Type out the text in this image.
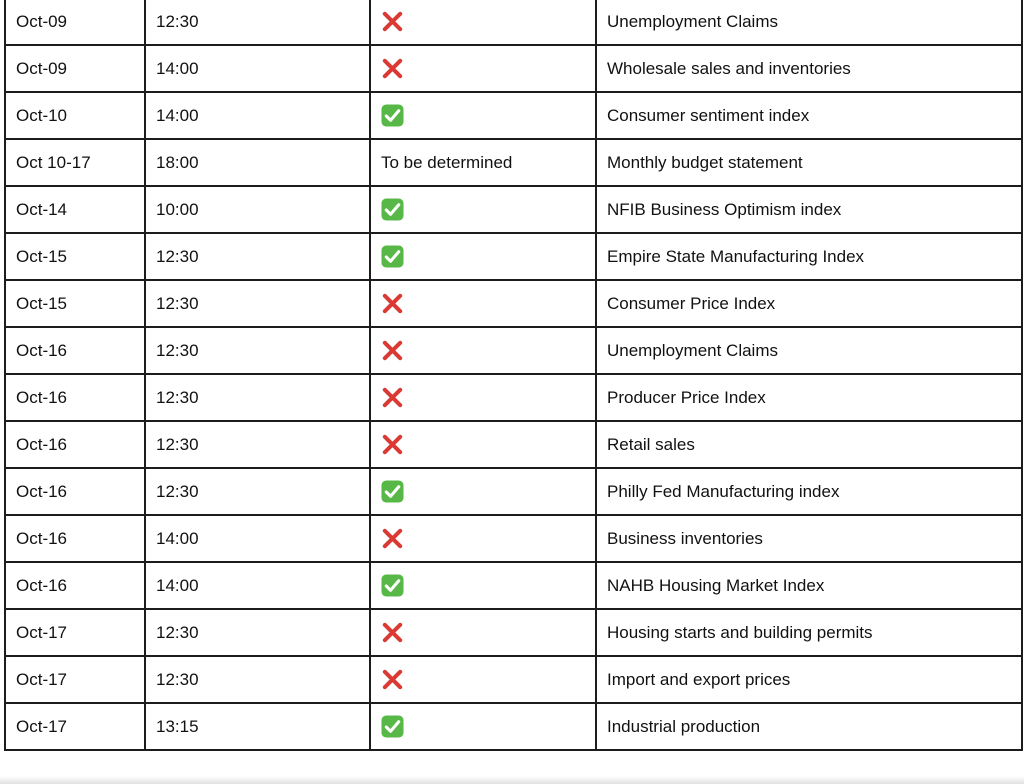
Oct-09	12:30		Unemployment Claims
Oct-09	14:00		Wholesale sales and inventories
Oct-10	14:00		Consumer sentiment index
Oct 10-17	18:00	To be determined	Monthly budget statement
Oct-14	10:00		NFIB Business Optimism index
Oct-15	12:30		Empire State Manufacturing Index
Oct-15	12:30		Consumer Price Index
Oct-16	12:30		Unemployment Claims
Oct-16	12:30		Producer Price Index
Oct-16	12:30		Retail sales
Oct-16	12:30		Philly Fed Manufacturing index
Oct-16	14:00		Business inventories
Oct-16	14:00		NAHB Housing Market Index
Oct-17	12:30		Housing starts and building permits
Oct-17	12:30		Import and export prices
Oct-17	13:15		Industrial production
